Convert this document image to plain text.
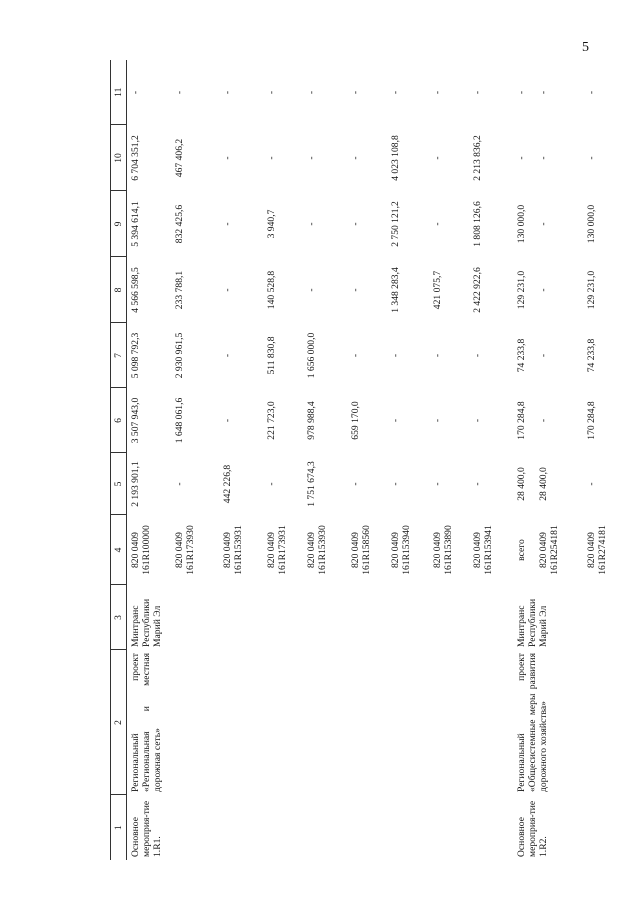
5
1	2	3	4	5	6	7	8	9	10	11
Основное мероприя-тие 1.R1.	Региональный проект «Региональная и местная дорожная сеть»	Минтранс Республики Марий Эл	820 0409 161R100000	2 193 901,1	3 507 943,0	5 098 792,3	4 566 598,5	5 394 614,1	6 704 351,2	-
			820 0409 161R173930	-	1 648 061,6	2 930 961,5	233 788,1	832 425,6	467 406,2	-
			820 0409 161R153931	442 226,8	-	-	-	-	-	-
			820 0409 161R173931	-	221 723,0	511 830,8	140 528,8	3 940,7	-	-
			820 0409 161R153930	1 751 674,3	978 988,4	1 656 000,0	-	-	-	-
			820 0409 161R158560	-	659 170,0	-	-	-	-	-
			820 0409 161R153940	-	-	-	1 348 283,4	2 750 121,2	4 023 108,8	-
			820 0409 161R153890	-	-	-	421 075,7	-	-	-
			820 0409 161R153941	-	-	-	2 422 922,6	1 808 126,6	2 213 836,2	-
Основное мероприя-тие 1.R2.	Региональный проект «Общесистемные меры развития дорожного хозяйства»	Минтранс Республики Марий Эл	всего	28 400,0	170 284,8	74 233,8	129 231,0	130 000,0	-	-
			820 0409 161R254181	28 400,0	-	-	-	-	-	-
			820 0409 161R274181	-	170 284,8	74 233,8	129 231,0	130 000,0	-	-
